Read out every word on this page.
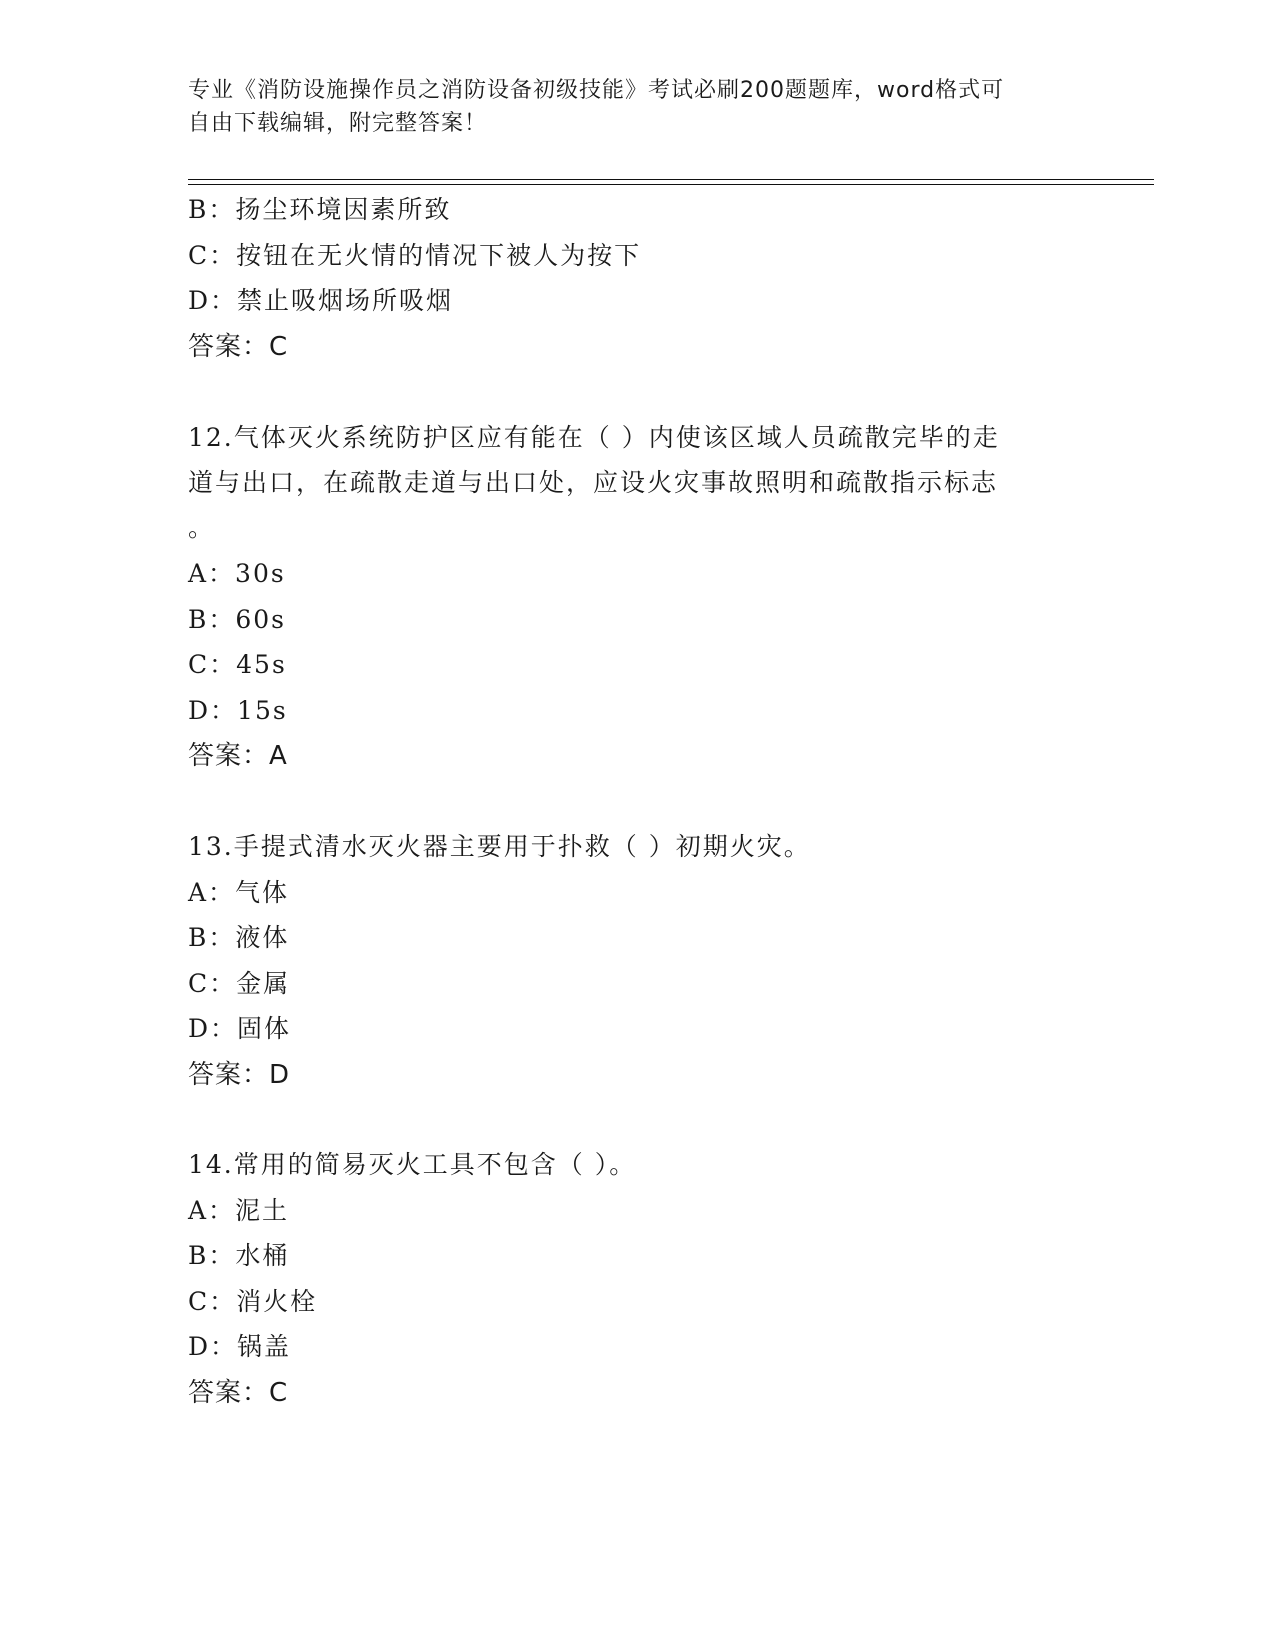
专业《消防设施操作员之消防设备初级技能》考试必刷200题题库，word格式可
自由下载编辑，附完整答案！
B：扬尘环境因素所致
C：按钮在无火情的情况下被人为按下
D：禁止吸烟场所吸烟
答案：C
12.气体灭火系统防护区应有能在（ ）内使该区域人员疏散完毕的走
道与出口，在疏散走道与出口处，应设火灾事故照明和疏散指示标志
。
A：30s
B：60s
C：45s
D：15s
答案：A
13.手提式清水灭火器主要用于扑救（ ）初期火灾。
A：气体
B：液体
C：金属
D：固体
答案：D
14.常用的简易灭火工具不包含（ ）。
A：泥土
B：水桶
C：消火栓
D：锅盖
答案：C
